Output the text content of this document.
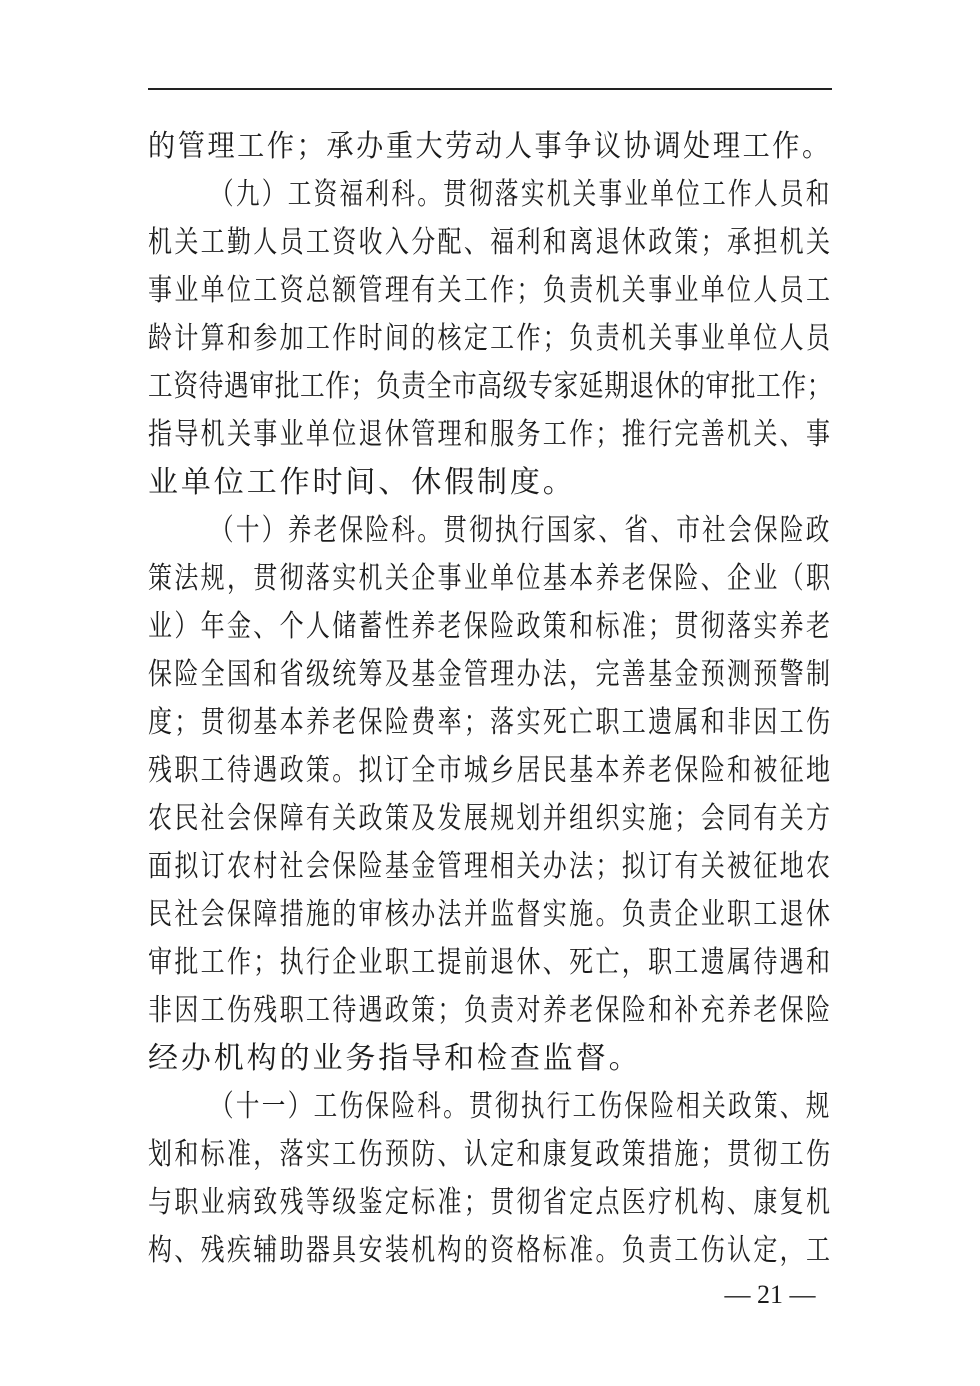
的管理工作；承办重大劳动人事争议协调处理工作。
（九）工资福利科。贯彻落实机关事业单位工作人员和
机关工勤人员工资收入分配、福利和离退休政策；承担机关
事业单位工资总额管理有关工作；负责机关事业单位人员工
龄计算和参加工作时间的核定工作；负责机关事业单位人员
工资待遇审批工作；负责全市高级专家延期退休的审批工作；
指导机关事业单位退休管理和服务工作；推行完善机关、事
业单位工作时间、休假制度。
（十）养老保险科。贯彻执行国家、省、市社会保险政
策法规，贯彻落实机关企事业单位基本养老保险、企业（职
业）年金、个人储蓄性养老保险政策和标准；贯彻落实养老
保险全国和省级统筹及基金管理办法，完善基金预测预警制
度；贯彻基本养老保险费率；落实死亡职工遗属和非因工伤
残职工待遇政策。拟订全市城乡居民基本养老保险和被征地
农民社会保障有关政策及发展规划并组织实施；会同有关方
面拟订农村社会保险基金管理相关办法；拟订有关被征地农
民社会保障措施的审核办法并监督实施。负责企业职工退休
审批工作；执行企业职工提前退休、死亡，职工遗属待遇和
非因工伤残职工待遇政策；负责对养老保险和补充养老保险
经办机构的业务指导和检查监督。
（十一）工伤保险科。贯彻执行工伤保险相关政策、规
划和标准，落实工伤预防、认定和康复政策措施；贯彻工伤
与职业病致残等级鉴定标准；贯彻省定点医疗机构、康复机
构、残疾辅助器具安装机构的资格标准。负责工伤认定，工
— 21 —
